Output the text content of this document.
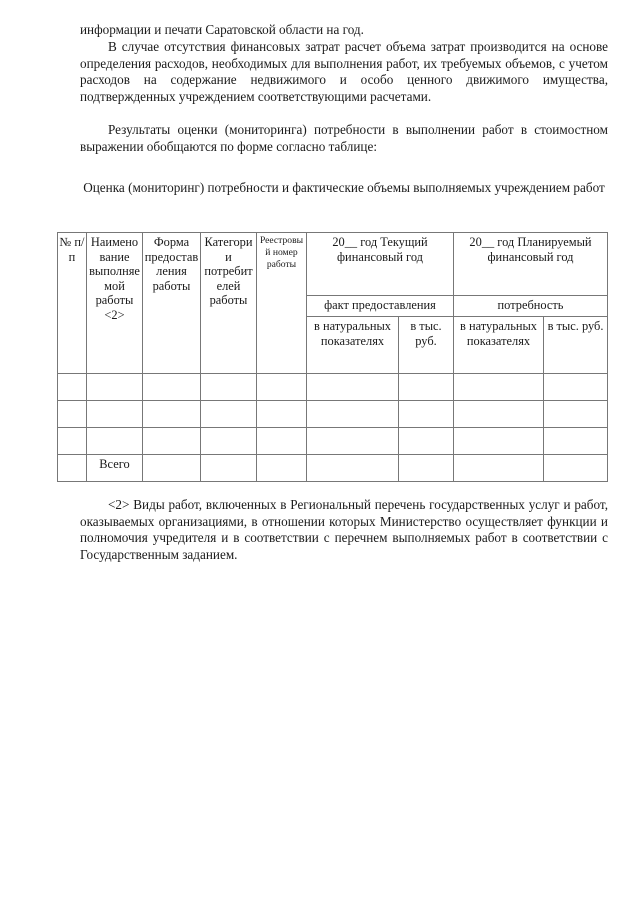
информации и печати Саратовской области на год.

В случае отсутствия финансовых затрат расчет объема затрат производится на основе определения расходов, необходимых для выполнения работ, их требуемых объемов, с учетом расходов на содержание недвижимого и особо ценного движимого имущества, подтвержденных учреждением соответствующими расчетами.

Результаты оценки (мониторинга) потребности в выполнении работ в стоимостном выражении обобщаются по форме согласно таблице:

Оценка (мониторинг) потребности и фактические объемы выполняемых учреждением работ
№ п/п	Наименование выполняемой работы <2>	Форма предоставления работы	Категории потребителей работы	Реестровый номер работы	20__ год Текущий финансовый год		20__ год Планируемый финансовый год	
					факт предоставления		потребность	
					в натуральных показателях	в тыс. руб.	в натуральных показателях	в тыс. руб.

	Всего							

<2> Виды работ, включенных в Региональный перечень государственных услуг и работ, оказываемых организациями, в отношении которых Министерство осуществляет функции и полномочия учредителя и в соответствии с перечнем выполняемых работ в соответствии с Государственным заданием.
